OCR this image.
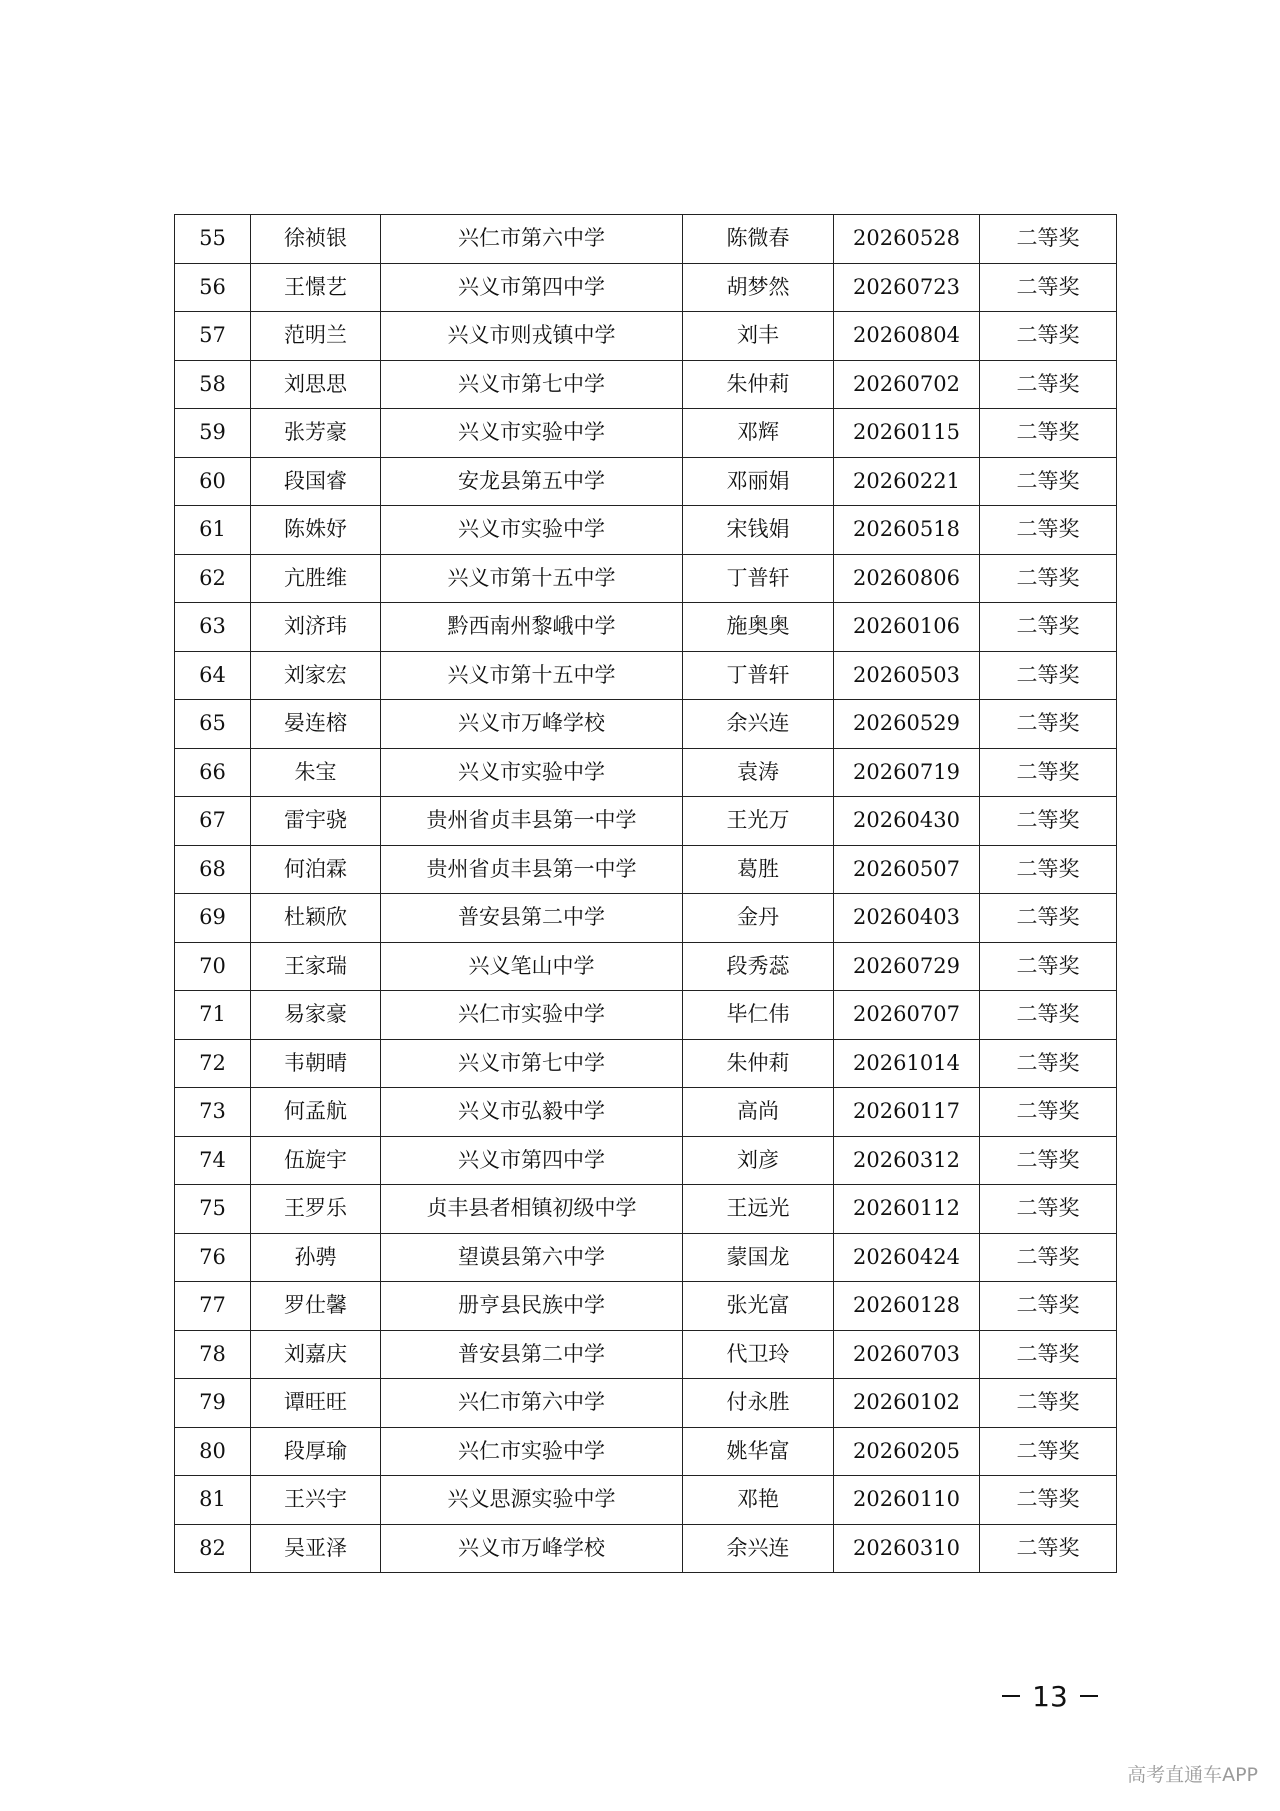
55	徐祯银	兴仁市第六中学	陈微春	20260528	二等奖
56	王憬艺	兴义市第四中学	胡梦然	20260723	二等奖
57	范明兰	兴义市则戎镇中学	刘丰	20260804	二等奖
58	刘思思	兴义市第七中学	朱仲莉	20260702	二等奖
59	张芳豪	兴义市实验中学	邓辉	20260115	二等奖
60	段国睿	安龙县第五中学	邓丽娟	20260221	二等奖
61	陈姝妤	兴义市实验中学	宋钱娟	20260518	二等奖
62	亢胜维	兴义市第十五中学	丁普轩	20260806	二等奖
63	刘济玮	黔西南州黎峨中学	施奥奥	20260106	二等奖
64	刘家宏	兴义市第十五中学	丁普轩	20260503	二等奖
65	晏连榕	兴义市万峰学校	余兴连	20260529	二等奖
66	朱宝	兴义市实验中学	袁涛	20260719	二等奖
67	雷宇骁	贵州省贞丰县第一中学	王光万	20260430	二等奖
68	何泊霖	贵州省贞丰县第一中学	葛胜	20260507	二等奖
69	杜颖欣	普安县第二中学	金丹	20260403	二等奖
70	王家瑞	兴义笔山中学	段秀蕊	20260729	二等奖
71	易家豪	兴仁市实验中学	毕仁伟	20260707	二等奖
72	韦朝晴	兴义市第七中学	朱仲莉	20261014	二等奖
73	何孟航	兴义市弘毅中学	高尚	20260117	二等奖
74	伍旋宇	兴义市第四中学	刘彦	20260312	二等奖
75	王罗乐	贞丰县者相镇初级中学	王远光	20260112	二等奖
76	孙骋	望谟县第六中学	蒙国龙	20260424	二等奖
77	罗仕馨	册亨县民族中学	张光富	20260128	二等奖
78	刘嘉庆	普安县第二中学	代卫玲	20260703	二等奖
79	谭旺旺	兴仁市第六中学	付永胜	20260102	二等奖
80	段厚瑜	兴仁市实验中学	姚华富	20260205	二等奖
81	王兴宇	兴义思源实验中学	邓艳	20260110	二等奖
82	吴亚泽	兴义市万峰学校	余兴连	20260310	二等奖
13
高考直通车APP
